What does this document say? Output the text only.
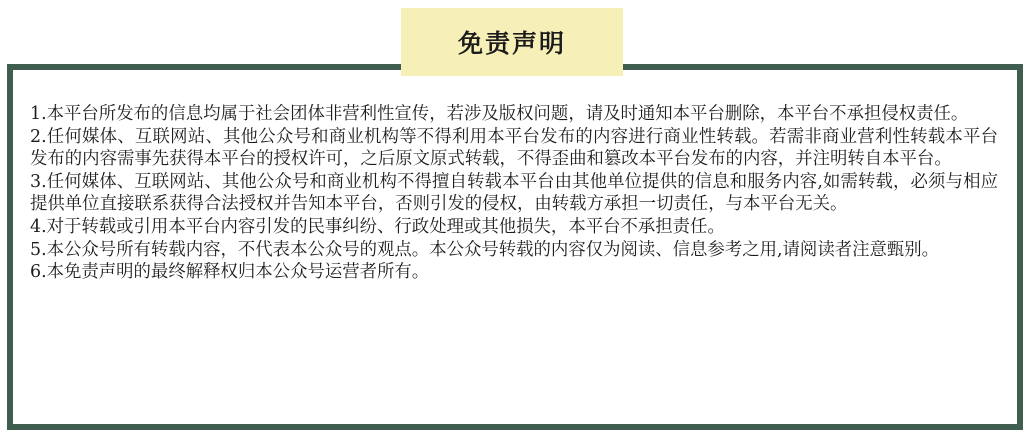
免责声明

1.本平台所发布的信息均属于社会团体非营利性宣传，若涉及版权问题，请及时通知本平台删除，本平台不承担侵权责任。

2.任何媒体、互联网站、其他公众号和商业机构等不得利用本平台发布的内容进行商业性转载。若需非商业营利性转载本平台发布的内容需事先获得本平台的授权许可，之后原文原式转载，不得歪曲和篡改本平台发布的内容，并注明转自本平台。

3.任何媒体、互联网站、其他公众号和商业机构不得擅自转载本平台由其他单位提供的信息和服务内容,如需转载，必须与相应提供单位直接联系获得合法授权并告知本平台，否则引发的侵权，由转载方承担一切责任，与本平台无关。

4.对于转载或引用本平台内容引发的民事纠纷、行政处理或其他损失，本平台不承担责任。

5.本公众号所有转载内容，不代表本公众号的观点。本公众号转载的内容仅为阅读、信息参考之用,请阅读者注意甄别。

6.本免责声明的最终解释权归本公众号运营者所有。
